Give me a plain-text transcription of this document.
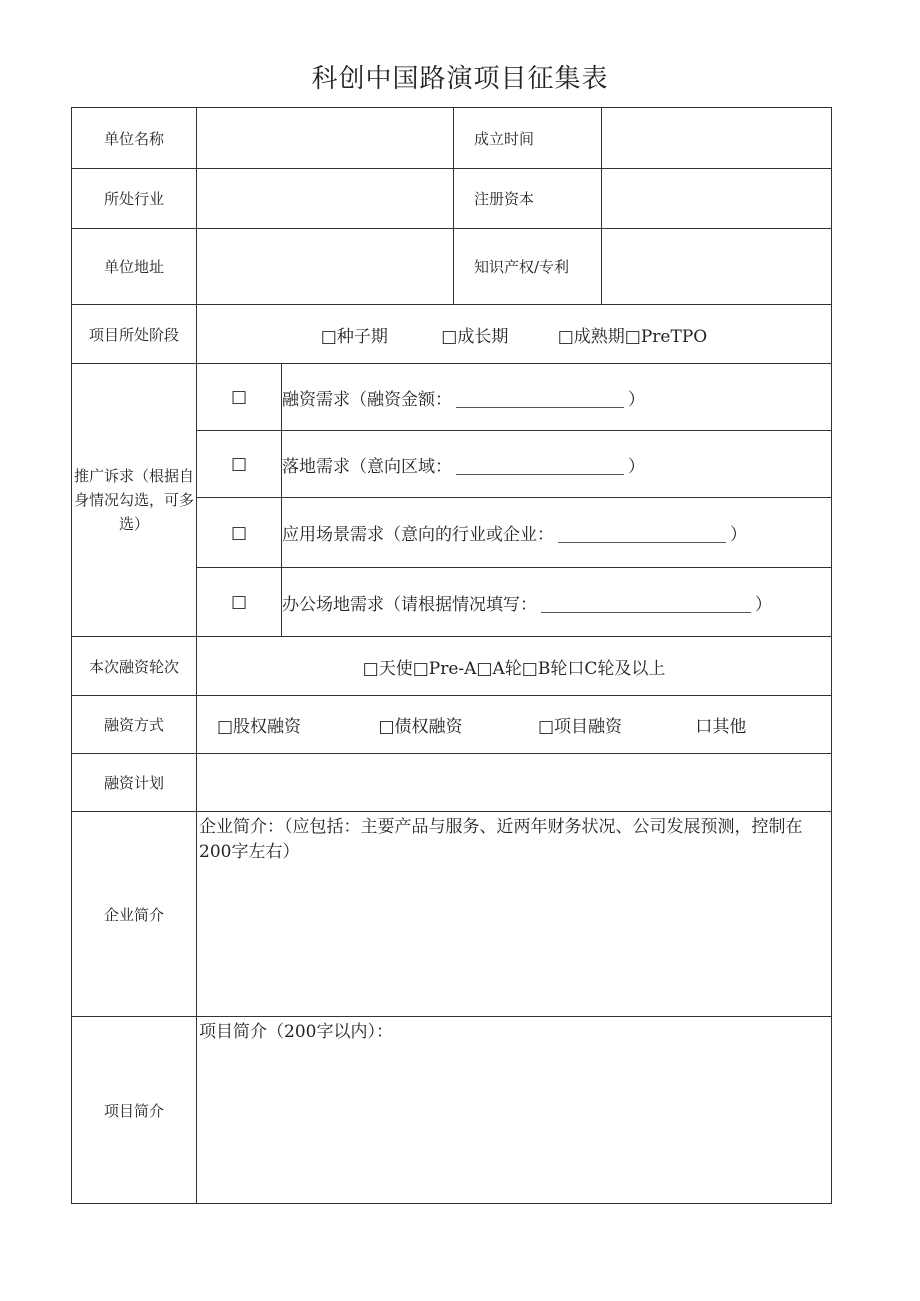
科创中国路演项目征集表
单位名称			成立时间	
所处行业			注册资本	
单位地址			知识产权/专利	
项目所处阶段	□种子期 □成长期 □成熟期□PreTPO			
推广诉求（根据自身情况勾选，可多选）	□	融资需求（融资金额： ）		
	□	落地需求（意向区域： ）		
	□	应用场景需求（意向的行业或企业： ）		
	□	办公场地需求（请根据情况填写： ）		
本次融资轮次	□天使□Pre-A□A轮□B轮口C轮及以上			
融资方式	□股权融资 □债权融资 □项目融资 口其他			
融资计划				
企业简介	企业简介：（应包括：主要产品与服务、近两年财务状况、公司发展预测，控制在200字左右）			
项目简介	项目简介（200字以内）：			
